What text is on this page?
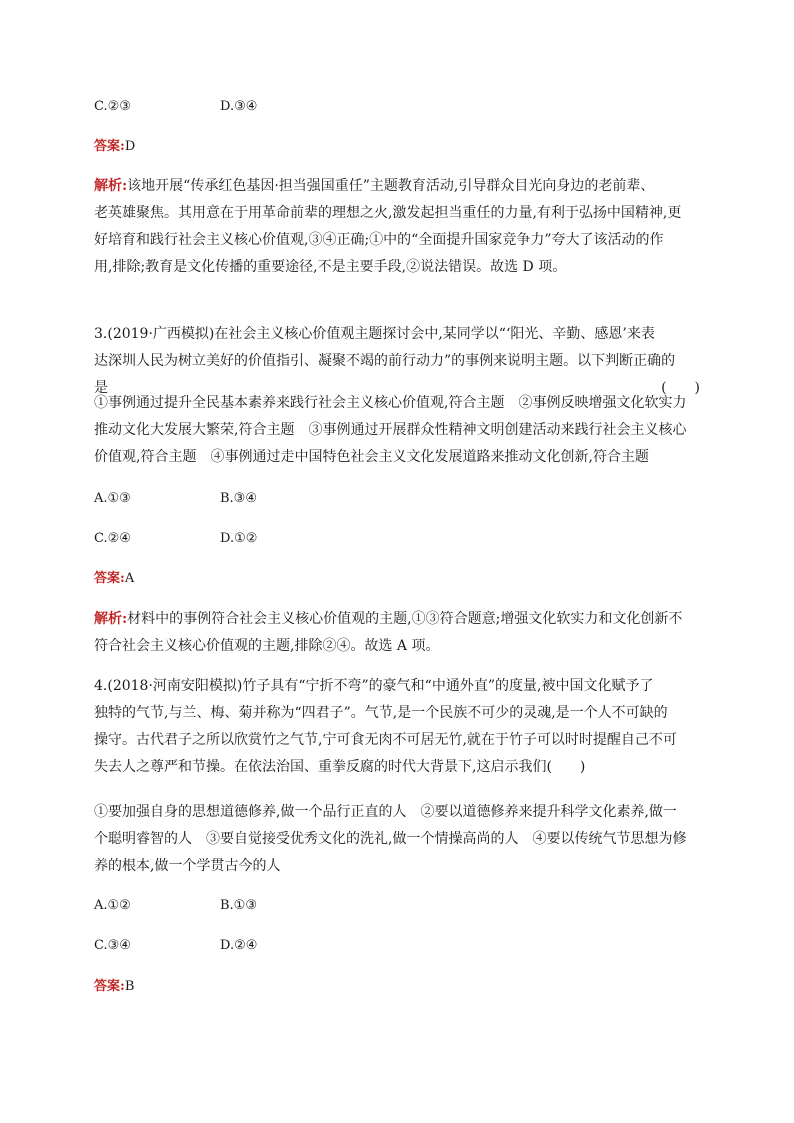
C.②③	D.③④
答案:D
解析:该地开展“传承红色基因·担当强国重任”主题教育活动,引导群众目光向身边的老前辈、
老英雄聚焦。其用意在于用革命前辈的理想之火,激发起担当重任的力量,有利于弘扬中国精神,更
好培育和践行社会主义核心价值观,③④正确;①中的“全面提升国家竞争力”夸大了该活动的作
用,排除;教育是文化传播的重要途径,不是主要手段,②说法错误。故选 D 项。
3.(2019·广西模拟)在社会主义核心价值观主题探讨会中,某同学以“‘阳光、辛勤、感恩’来表
达深圳人民为树立美好的价值指引、凝聚不竭的前行动力”的事例来说明主题。以下判断正确的
是	(　　)
①事例通过提升全民基本素养来践行社会主义核心价值观,符合主题　②事例反映增强文化软实力
推动文化大发展大繁荣,符合主题　③事例通过开展群众性精神文明创建活动来践行社会主义核心
价值观,符合主题　④事例通过走中国特色社会主义文化发展道路来推动文化创新,符合主题
A.①③	B.③④
C.②④	D.①②
答案:A
解析:材料中的事例符合社会主义核心价值观的主题,①③符合题意;增强文化软实力和文化创新不
符合社会主义核心价值观的主题,排除②④。故选 A 项。
4.(2018·河南安阳模拟)竹子具有“宁折不弯”的豪气和“中通外直”的度量,被中国文化赋予了
独特的气节,与兰、梅、菊并称为“四君子”。气节,是一个民族不可少的灵魂,是一个人不可缺的
操守。古代君子之所以欣赏竹之气节,宁可食无肉不可居无竹,就在于竹子可以时时提醒自己不可
失去人之尊严和节操。在依法治国、重拳反腐的时代大背景下,这启示我们(　　)
①要加强自身的思想道德修养,做一个品行正直的人　②要以道德修养来提升科学文化素养,做一
个聪明睿智的人　③要自觉接受优秀文化的洗礼,做一个情操高尚的人　④要以传统气节思想为修
养的根本,做一个学贯古今的人
A.①②	B.①③
C.③④	D.②④
答案:B
